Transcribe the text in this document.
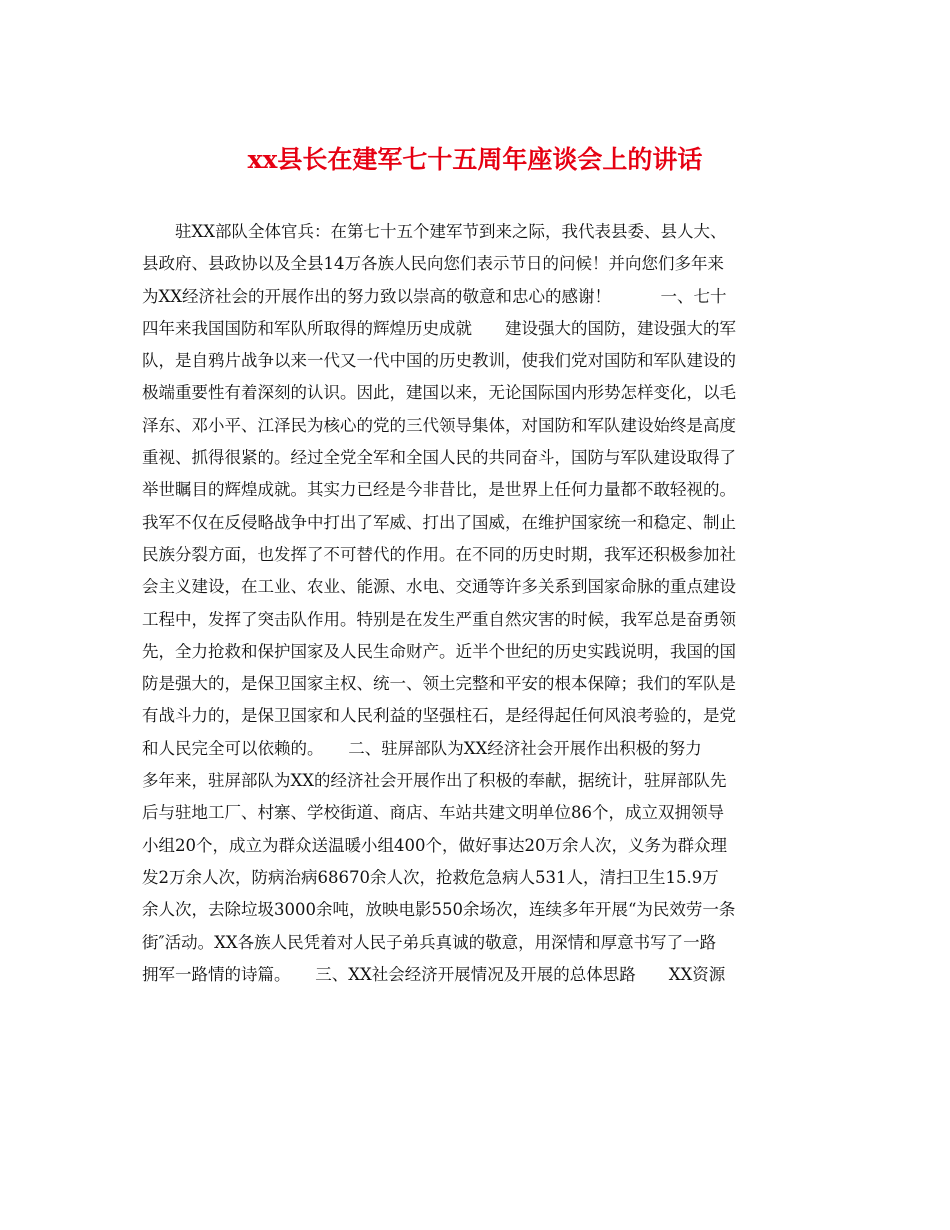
xx县长在建军七十五周年座谈会上的讲话
　　驻XX部队全体官兵：在第七十五个建军节到来之际，我代表县委、县人大、
县政府、县政协以及全县14万各族人民向您们表示节日的问候！并向您们多年来
为XX经济社会的开展作出的努力致以崇高的敬意和忠心的感谢！　　　一、七十
四年来我国国防和军队所取得的辉煌历史成就　　建设强大的国防，建设强大的军
队，是自鸦片战争以来一代又一代中国的历史教训，使我们党对国防和军队建设的
极端重要性有着深刻的认识。因此，建国以来，无论国际国内形势怎样变化，以毛
泽东、邓小平、江泽民为核心的党的三代领导集体，对国防和军队建设始终是高度
重视、抓得很紧的。经过全党全军和全国人民的共同奋斗，国防与军队建设取得了
举世瞩目的辉煌成就。其实力已经是今非昔比，是世界上任何力量都不敢轻视的。
我军不仅在反侵略战争中打出了军威、打出了国威，在维护国家统一和稳定、制止
民族分裂方面，也发挥了不可替代的作用。在不同的历史时期，我军还积极参加社
会主义建设，在工业、农业、能源、水电、交通等许多关系到国家命脉的重点建设
工程中，发挥了突击队作用。特别是在发生严重自然灾害的时候，我军总是奋勇领
先，全力抢救和保护国家及人民生命财产。近半个世纪的历史实践说明，我国的国
防是强大的，是保卫国家主权、统一、领土完整和平安的根本保障；我们的军队是
有战斗力的，是保卫国家和人民利益的坚强柱石，是经得起任何风浪考验的，是党
和人民完全可以依赖的。　　二、驻屏部队为XX经济社会开展作出积极的努力
多年来，驻屏部队为XX的经济社会开展作出了积极的奉献，据统计，驻屏部队先
后与驻地工厂、村寨、学校街道、商店、车站共建文明单位86个，成立双拥领导
小组20个，成立为群众送温暖小组400个，做好事达20万余人次，义务为群众理
发2万余人次，防病治病68670余人次，抢救危急病人531人，清扫卫生15.9万
余人次，去除垃圾3000余吨，放映电影550余场次，连续多年开展“为民效劳一条
街″活动。XX各族人民凭着对人民子弟兵真诚的敬意，用深情和厚意书写了一路
拥军一路情的诗篇。　　三、XX社会经济开展情况及开展的总体思路　　XX资源
